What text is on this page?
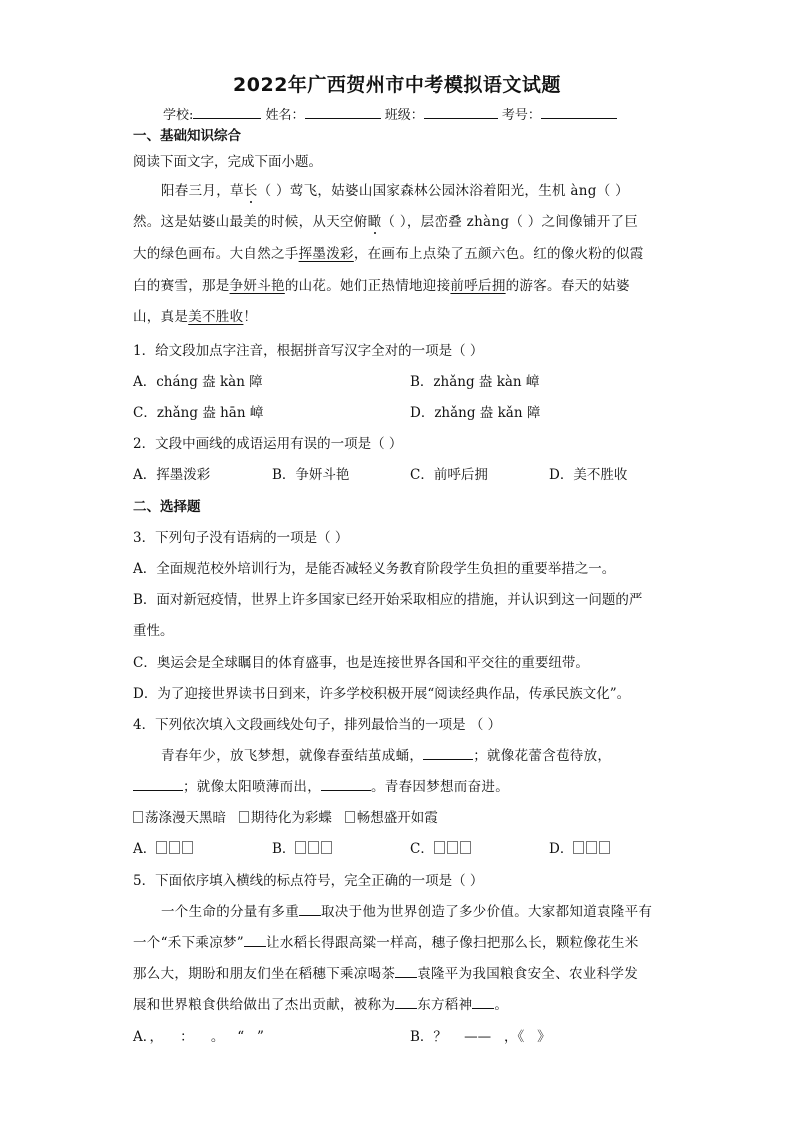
2022年广西贺州市中考模拟语文试题
学校:	姓名：	班级：	考号：
一、基础知识综合
阅读下面文字，完成下面小题。
阳春三月，草长（ ）莺飞，姑婆山国家森林公园沐浴着阳光，生机 àng（ ）
然。这是姑婆山最美的时候，从天空俯瞰（ ），层峦叠 zhàng（ ）之间像铺开了巨
大的绿色画布。大自然之手挥墨泼彩，在画布上点染了五颜六色。红的像火粉的似霞
白的赛雪，那是争妍斗艳的山花。她们正热情地迎接前呼后拥的游客。春天的姑婆
山，真是美不胜收！
1．给文段加点字注音，根据拼音写汉字全对的一项是（ ）
A．cháng 盎 kàn 障	B．zhǎng 盎 kàn 嶂
C．zhǎng 盎 hān 嶂	D．zhǎng 盎 kǎn 障
2．文段中画线的成语运用有误的一项是（ ）
A．挥墨泼彩	B．争妍斗艳	C．前呼后拥	D．美不胜收
二、选择题
3．下列句子没有语病的一项是（ ）
A．全面规范校外培训行为，是能否减轻义务教育阶段学生负担的重要举措之一。
B．面对新冠疫情，世界上许多国家已经开始采取相应的措施，并认识到这一问题的严
重性。
C．奥运会是全球瞩目的体育盛事，也是连接世界各国和平交往的重要纽带。
D．为了迎接世界读书日到来，许多学校积极开展“阅读经典作品，传承民族文化”。
4．下列依次填入文段画线处句子，排列最恰当的一项是 （ ）
青春年少，放飞梦想，就像春蚕结茧成蛹，	；就像花蕾含苞待放，
；就像太阳喷薄而出，	。青春因梦想而奋进。
荡涤漫天黑暗 期待化为彩蝶 畅想盛开如霞
A．	B．	C．	D．
5．下面依序填入横线的标点符号，完全正确的一项是（ ）
一个生命的分量有多重 取决于他为世界创造了多少价值。大家都知道袁隆平有
一个“禾下乘凉梦” 让水稻长得跟高粱一样高，穗子像扫把那么长，颗粒像花生米
那么大，期盼和朋友们坐在稻穗下乘凉喝茶 袁隆平为我国粮食安全、农业科学发
展和世界粮食供给做出了杰出贡献，被称为 东方稻神 。
A．，    ：    。   “   ”	B．？    ——   ，《   》
